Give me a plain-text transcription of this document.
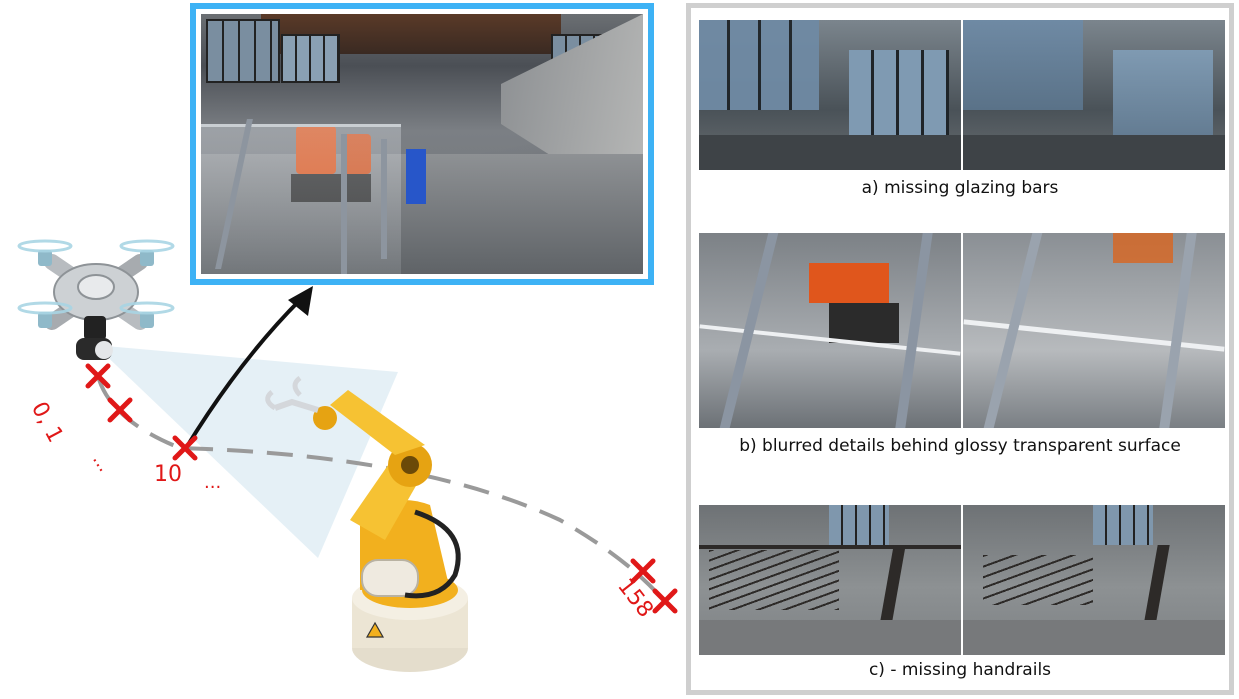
0, 1
... 10 ...
158
a) missing glazing bars
b) blurred details behind glossy transparent surface
c) - missing handrails
